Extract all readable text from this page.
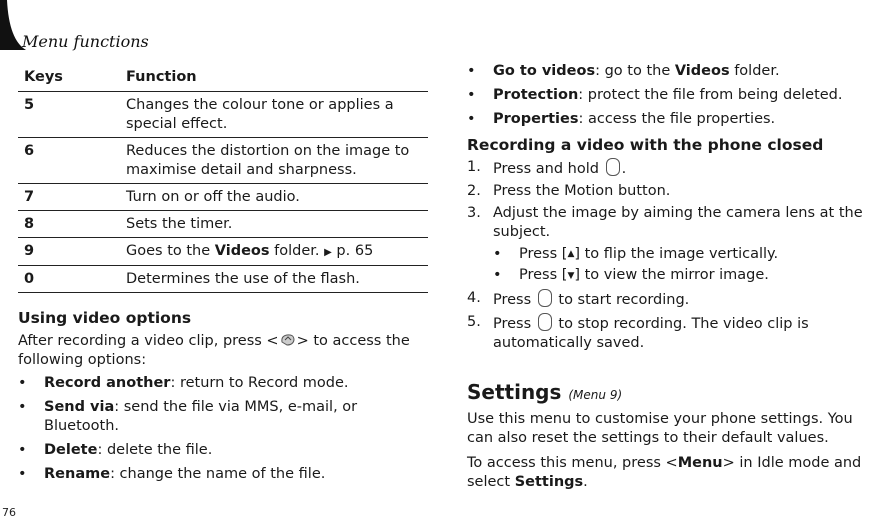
Menu functions
Keys	Function
5	Changes the colour tone or applies a special effect.
6	Reduces the distortion on the image to maximise detail and sharpness.
7	Turn on or off the audio.
8	Sets the timer.
9	Goes to the Videos folder. ▶ p. 65
0	Determines the use of the flash.
Using video options

After recording a video clip, press < > to access the following options:

• Record another: return to Record mode.
• Send via: send the file via MMS, e-mail, or Bluetooth.
• Delete: delete the file.
• Rename: change the name of the file.
• Go to videos: go to the Videos folder.
• Protection: protect the file from being deleted.
• Properties: access the file properties.
Recording a video with the phone closed
1. Press and hold .
2. Press the Motion button.
3. Adjust the image by aiming the camera lens at the subject.
• Press [▲] to flip the image vertically.
• Press [▼] to view the mirror image.
4. Press to start recording.
5. Press to stop recording. The video clip is automatically saved.
Settings (Menu 9)

Use this menu to customise your phone settings. You can also reset the settings to their default values.

To access this menu, press <Menu> in Idle mode and select Settings.

76
